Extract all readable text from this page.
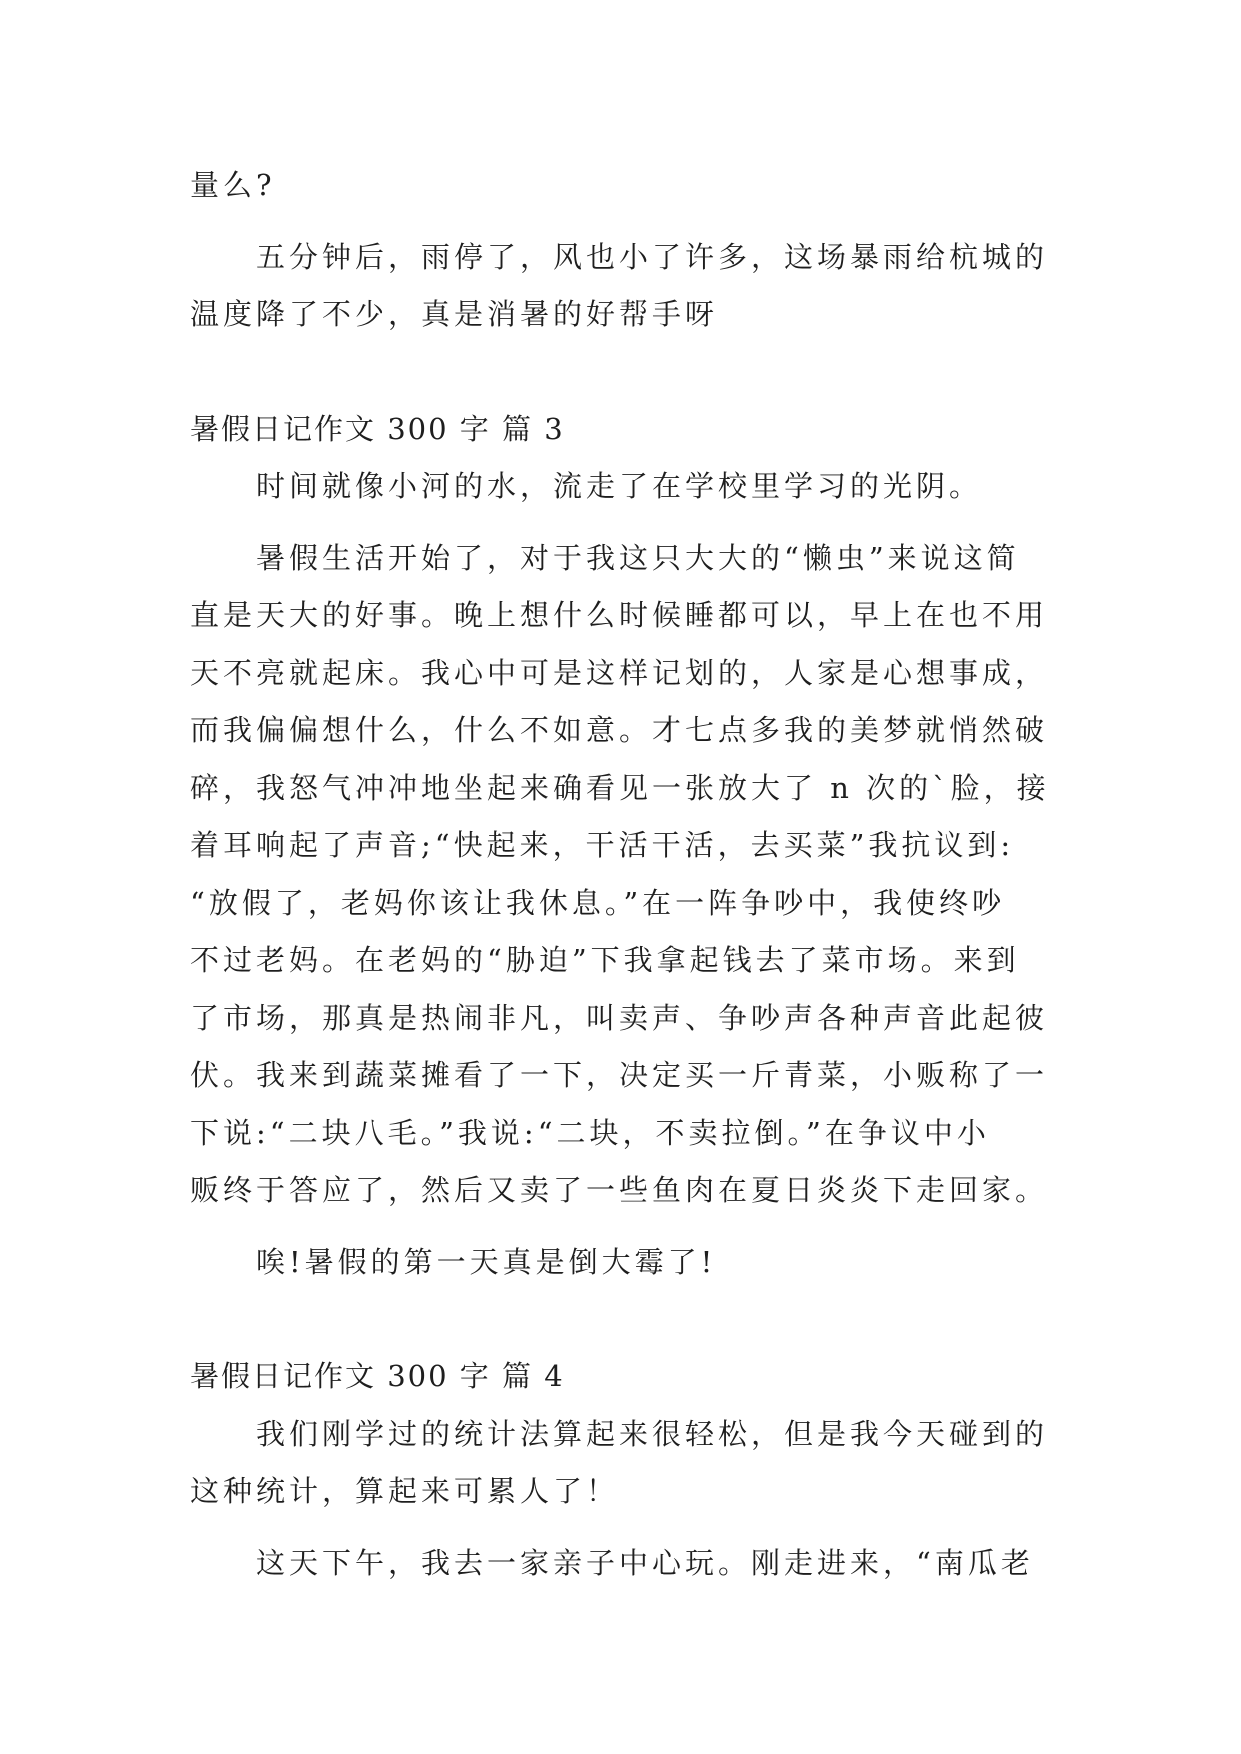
量么?
五分钟后，雨停了，风也小了许多，这场暴雨给杭城的
温度降了不少，真是消暑的好帮手呀
暑假日记作文 300 字 篇 3
时间就像小河的水，流走了在学校里学习的光阴。
暑假生活开始了，对于我这只大大的“懒虫”来说这简
直是天大的好事。晚上想什么时候睡都可以，早上在也不用
天不亮就起床。我心中可是这样记划的，人家是心想事成，
而我偏偏想什么，什么不如意。才七点多我的美梦就悄然破
碎，我怒气冲冲地坐起来确看见一张放大了 n 次的`脸，接
着耳响起了声音;“快起来，干活干活，去买菜”我抗议到:
“放假了，老妈你该让我休息。”在一阵争吵中，我使终吵
不过老妈。在老妈的“胁迫”下我拿起钱去了菜市场。来到
了市场，那真是热闹非凡，叫卖声、争吵声各种声音此起彼
伏。我来到蔬菜摊看了一下，决定买一斤青菜，小贩称了一
下说:“二块八毛。”我说:“二块，不卖拉倒。”在争议中小
贩终于答应了，然后又卖了一些鱼肉在夏日炎炎下走回家。
唉!暑假的第一天真是倒大霉了!
暑假日记作文 300 字 篇 4
我们刚学过的统计法算起来很轻松，但是我今天碰到的
这种统计，算起来可累人了！
这天下午，我去一家亲子中心玩。刚走进来，“南瓜老
